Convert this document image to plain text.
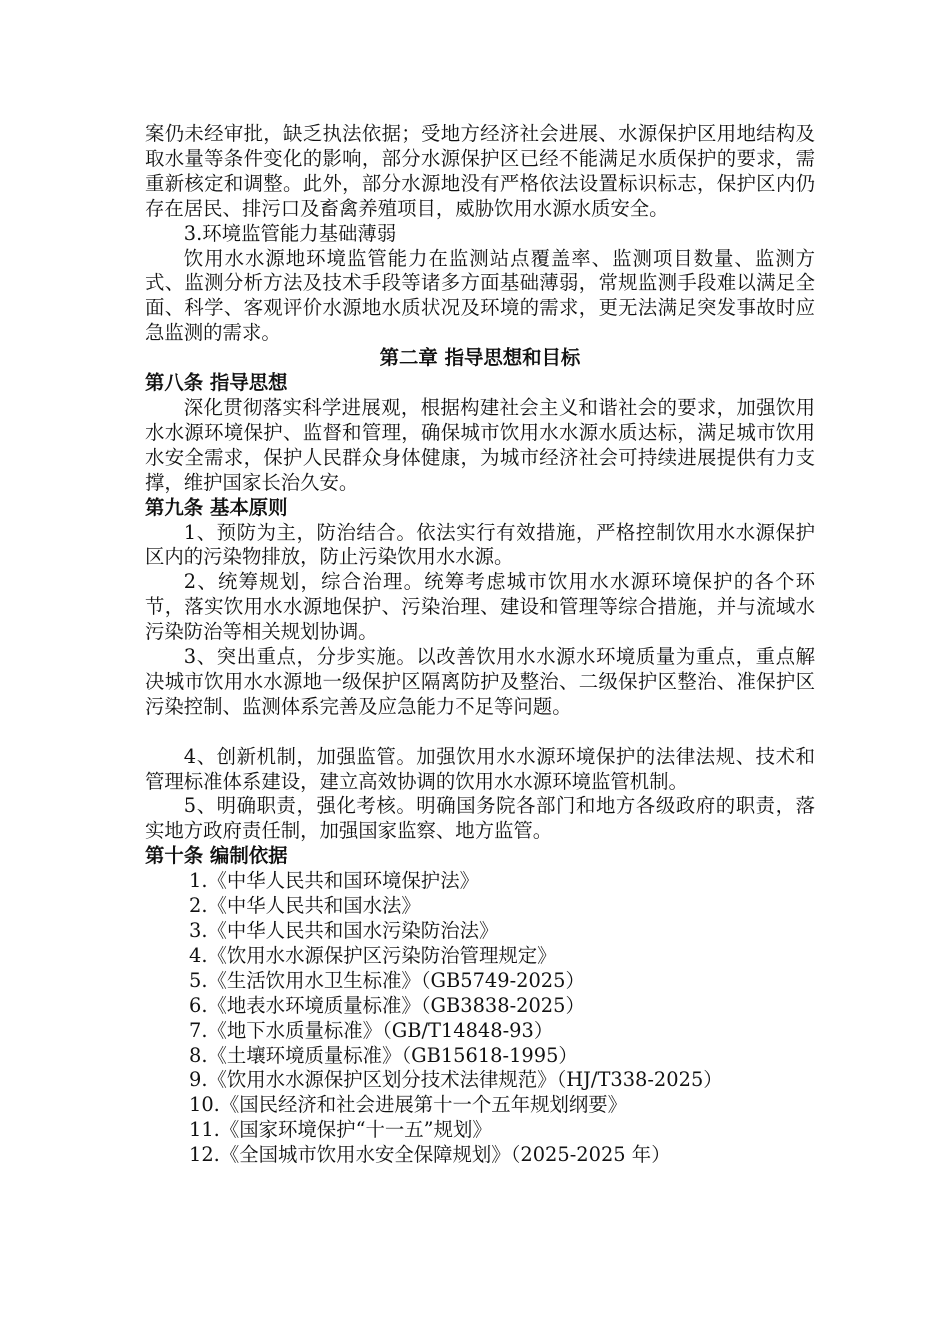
案仍未经审批，缺乏执法依据；受地方经济社会进展、水源保护区用地结构及取水量等条件变化的影响，部分水源保护区已经不能满足水质保护的要求，需重新核定和调整。此外，部分水源地没有严格依法设置标识标志，保护区内仍存在居民、排污口及畜禽养殖项目，威胁饮用水源水质安全。

3.环境监管能力基础薄弱

饮用水水源地环境监管能力在监测站点覆盖率、监测项目数量、监测方式、监测分析方法及技术手段等诸多方面基础薄弱，常规监测手段难以满足全面、科学、客观评价水源地水质状况及环境的需求，更无法满足突发事故时应急监测的需求。

第二章 指导思想和目标

第八条 指导思想

深化贯彻落实科学进展观，根据构建社会主义和谐社会的要求，加强饮用水水源环境保护、监督和管理，确保城市饮用水水源水质达标，满足城市饮用水安全需求，保护人民群众身体健康，为城市经济社会可持续进展提供有力支撑，维护国家长治久安。

第九条 基本原则

1、预防为主，防治结合。依法实行有效措施，严格控制饮用水水源保护区内的污染物排放，防止污染饮用水水源。

2、统筹规划，综合治理。统筹考虑城市饮用水水源环境保护的各个环节，落实饮用水水源地保护、污染治理、建设和管理等综合措施，并与流域水污染防治等相关规划协调。

3、突出重点，分步实施。以改善饮用水水源水环境质量为重点，重点解决城市饮用水水源地一级保护区隔离防护及整治、二级保护区整治、准保护区污染控制、监测体系完善及应急能力不足等问题。

4、创新机制，加强监管。加强饮用水水源环境保护的法律法规、技术和管理标准体系建设，建立高效协调的饮用水水源环境监管机制。

5、明确职责，强化考核。明确国务院各部门和地方各级政府的职责，落实地方政府责任制，加强国家监察、地方监管。

第十条 编制依据

1.《中华人民共和国环境保护法》

2.《中华人民共和国水法》

3.《中华人民共和国水污染防治法》

4.《饮用水水源保护区污染防治管理规定》

5.《生活饮用水卫生标准》（GB5749-2025）

6.《地表水环境质量标准》（GB3838-2025）

7.《地下水质量标准》（GB/T14848-93）

8.《土壤环境质量标准》（GB15618-1995）

9.《饮用水水源保护区划分技术法律规范》（HJ/T338-2025）

10.《国民经济和社会进展第十一个五年规划纲要》

11.《国家环境保护“十一五”规划》

12.《全国城市饮用水安全保障规划》（2025-2025 年）
